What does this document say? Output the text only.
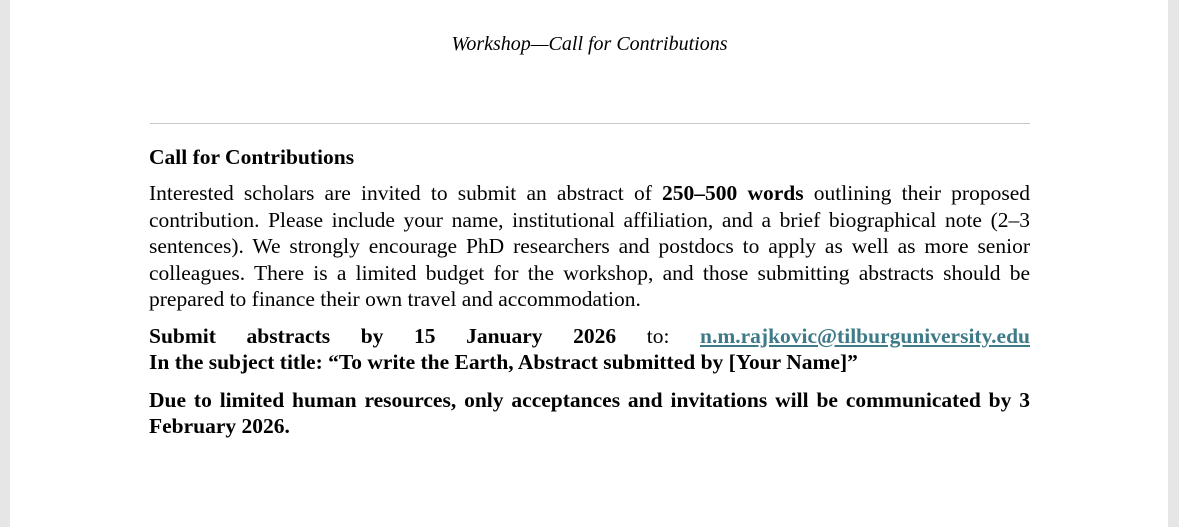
Workshop—Call for Contributions
Call for Contributions

Interested scholars are invited to submit an abstract of 250–500 words outlining their proposed contribution. Please include your name, institutional affiliation, and a brief biographical note (2–3 sentences). We strongly encourage PhD researchers and postdocs to apply as well as more senior colleagues. There is a limited budget for the workshop, and those submitting abstracts should be prepared to finance their own travel and accommodation.

Submit abstracts by 15 January 2026 to: n.m.rajkovic@tilburguniversity.edu

In the subject title: “To write the Earth, Abstract submitted by [Your Name]”

Due to limited human resources, only acceptances and invitations will be communicated by 3 February 2026.
